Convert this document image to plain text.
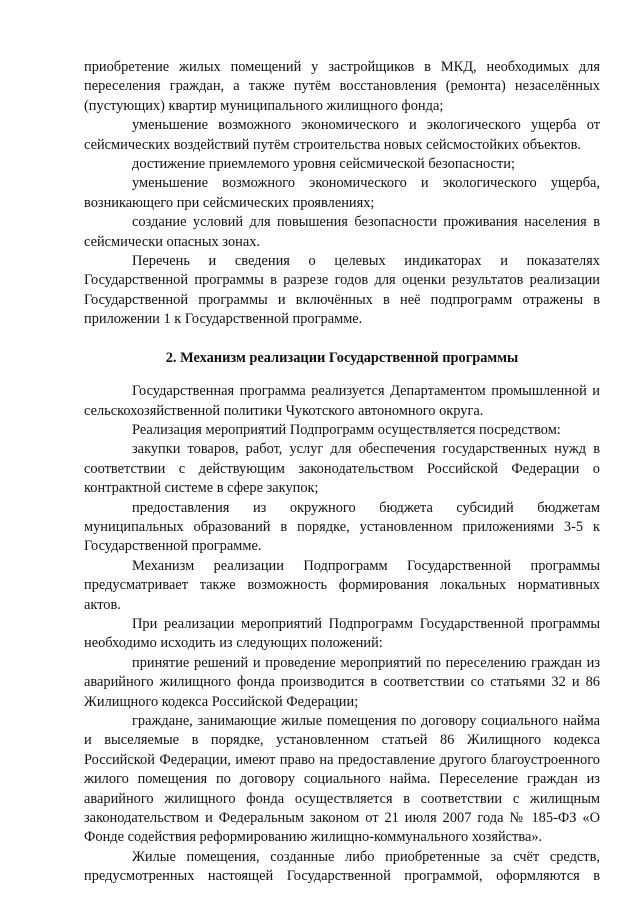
приобретение жилых помещений у застройщиков в МКД, необходимых для переселения граждан, а также путём восстановления (ремонта) незаселённых (пустующих) квартир муниципального жилищного фонда;

уменьшение возможного экономического и экологического ущерба от сейсмических воздействий путём строительства новых сейсмостойких объектов.

достижение приемлемого уровня сейсмической безопасности;

уменьшение возможного экономического и экологического ущерба, возникающего при сейсмических проявлениях;

создание условий для повышения безопасности проживания населения в сейсмически опасных зонах.

Перечень и сведения о целевых индикаторах и показателях Государственной программы в разрезе годов для оценки результатов реализации Государственной программы и включённых в неё подпрограмм отражены в приложении 1 к Государственной программе.

2. Механизм реализации Государственной программы

Государственная программа реализуется Департаментом промышленной и сельскохозяйственной политики Чукотского автономного округа.

Реализация мероприятий Подпрограмм осуществляется посредством:

закупки товаров, работ, услуг для обеспечения государственных нужд в соответствии с действующим законодательством Российской Федерации о контрактной системе в сфере закупок;

предоставления из окружного бюджета субсидий бюджетам муниципальных образований в порядке, установленном приложениями 3-5 к Государственной программе.

Механизм реализации Подпрограмм Государственной программы предусматривает также возможность формирования локальных нормативных актов.

При реализации мероприятий Подпрограмм Государственной программы необходимо исходить из следующих положений:

принятие решений и проведение мероприятий по переселению граждан из аварийного жилищного фонда производится в соответствии со статьями 32 и 86 Жилищного кодекса Российской Федерации;

граждане, занимающие жилые помещения по договору социального найма и выселяемые в порядке, установленном статьей 86 Жилищного кодекса Российской Федерации, имеют право на предоставление другого благоустроенного жилого помещения по договору социального найма. Переселение граждан из аварийного жилищного фонда осуществляется в соответствии с жилищным законодательством и Федеральным законом от 21 июля 2007 года № 185-ФЗ «О Фонде содействия реформированию жилищно-коммунального хозяйства».

Жилые помещения, созданные либо приобретенные за счёт средств, предусмотренных настоящей Государственной программой, оформляются в
